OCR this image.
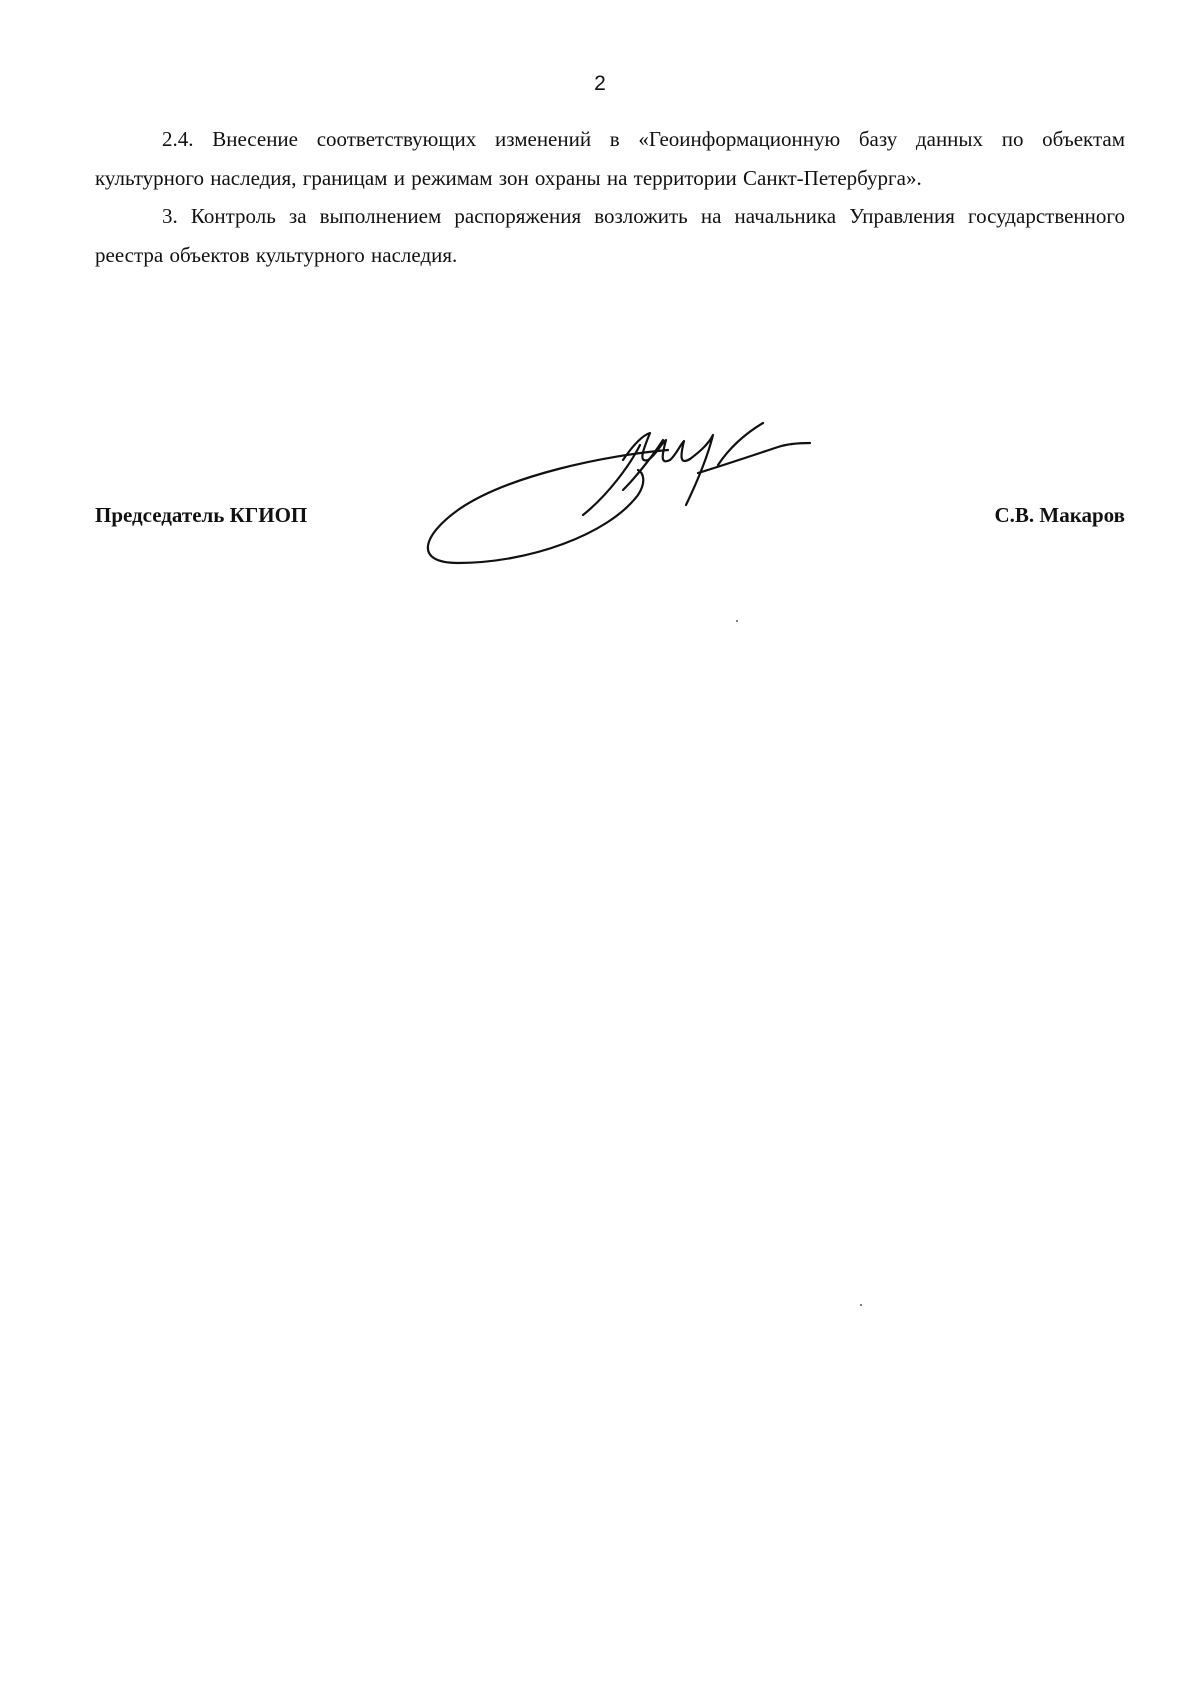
2

2.4. Внесение соответствующих изменений в «Геоинформационную базу данных по объектам культурного наследия, границам и режимам зон охраны на территории Санкт-Петербурга».

3. Контроль за выполнением распоряжения возложить на начальника Управления государственного реестра объектов культурного наследия.

Председатель КГИОП	С.В. Макаров
